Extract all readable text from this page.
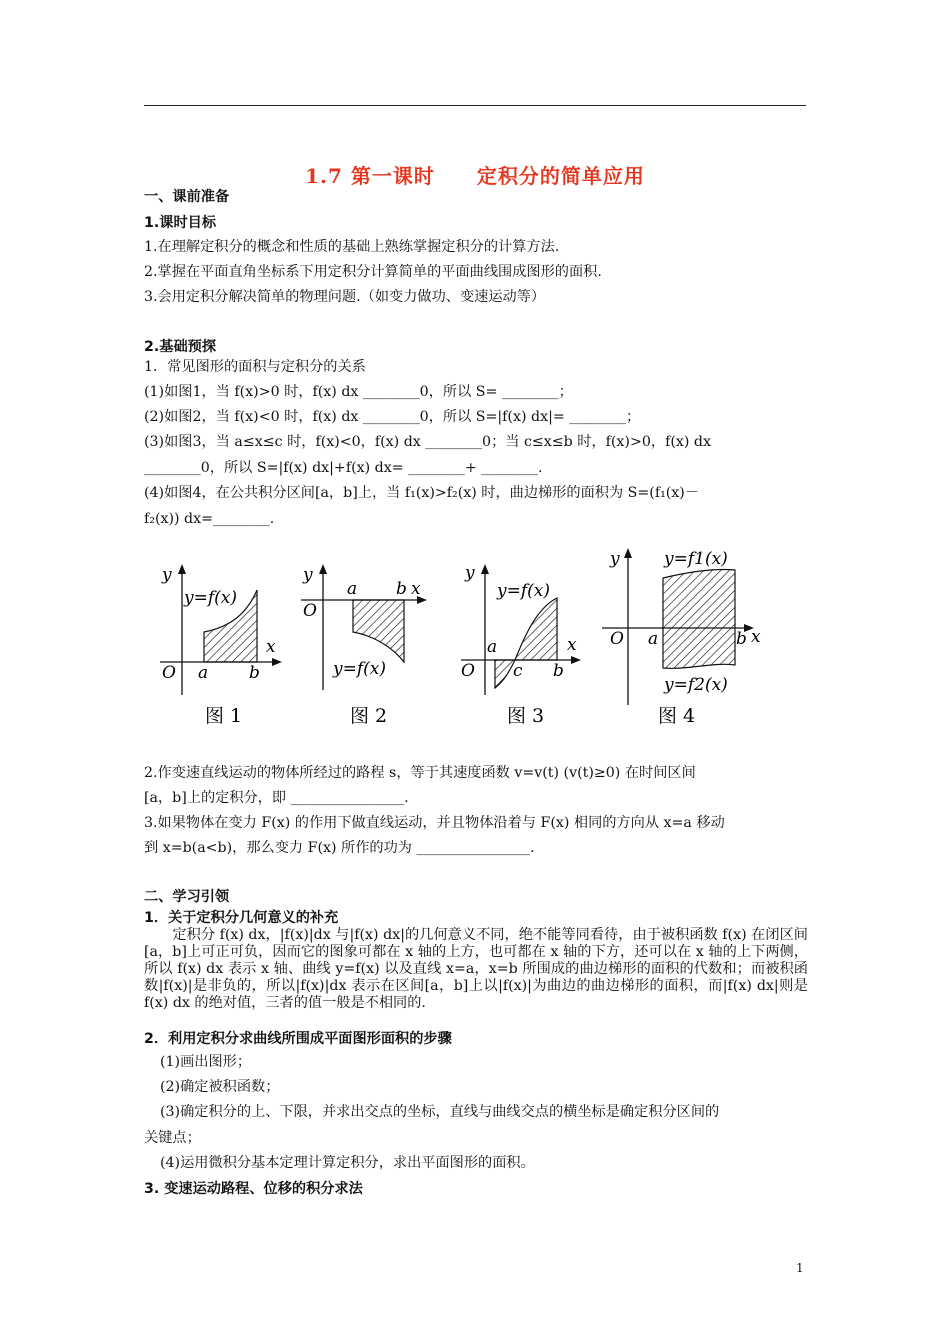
1.7 第一课时　　定积分的简单应用
一、课前准备
1.课时目标
1.在理解定积分的概念和性质的基础上熟练掌握定积分的计算方法.
2.掌握在平面直角坐标系下用定积分计算简单的平面曲线围成图形的面积.
3.会用定积分解决简单的物理问题.（如变力做功、变速运动等）
2.基础预探
1．常见图形的面积与定积分的关系
(1)如图1，当 f(x)>0 时，f(x) dx ________0，所以 S= ________；
(2)如图2，当 f(x)<0 时，f(x) dx ________0，所以 S=|f(x) dx|= ________；
(3)如图3，当 a≤x≤c 时，f(x)<0，f(x) dx ________0；当 c≤x≤b 时，f(x)>0，f(x) dx
________0，所以 S=|f(x) dx|+f(x) dx= ________+ ________.
(4)如图4，在公共积分区间[a，b]上，当 f₁(x)>f₂(x) 时，曲边梯形的面积为 S=(f₁(x)－
f₂(x)) dx=________.
y
y=f(x)
x
O a b
图 1
y
O
a b x
y=f(x)
图 2
y
y=f(x)
x
O
a
c b
图 3
y	y=f1(x)
O a	b x
y=f2(x)
图 4
2.作变速直线运动的物体所经过的路程 s，等于其速度函数 v=v(t) (v(t)≥0) 在时间区间
[a，b]上的定积分，即 ________________.
3.如果物体在变力 F(x) 的作用下做直线运动，并且物体沿着与 F(x) 相同的方向从 x=a 移动
到 x=b(a<b)，那么变力 F(x) 所作的功为 ________________.
二、学习引领
1．关于定积分几何意义的补充
定积分 f(x) dx，|f(x)|dx 与|f(x) dx|的几何意义不同，绝不能等同看待，由于被积函数 f(x) 在闭区间[a，b]上可正可负，因而它的图象可都在 x 轴的上方，也可都在 x 轴的下方，还可以在 x 轴的上下两侧，所以 f(x) dx 表示 x 轴、曲线 y=f(x) 以及直线 x=a，x=b 所围成的曲边梯形的面积的代数和；而被积函数|f(x)|是非负的，所以|f(x)|dx 表示在区间[a，b]上以|f(x)|为曲边的曲边梯形的面积，而|f(x) dx|则是 f(x) dx 的绝对值，三者的值一般是不相同的.
2．利用定积分求曲线所围成平面图形面积的步骤
(1)画出图形；
(2)确定被积函数；
(3)确定积分的上、下限，并求出交点的坐标，直线与曲线交点的横坐标是确定积分区间的
关键点；
(4)运用微积分基本定理计算定积分，求出平面图形的面积。
3. 变速运动路程、位移的积分求法
1
